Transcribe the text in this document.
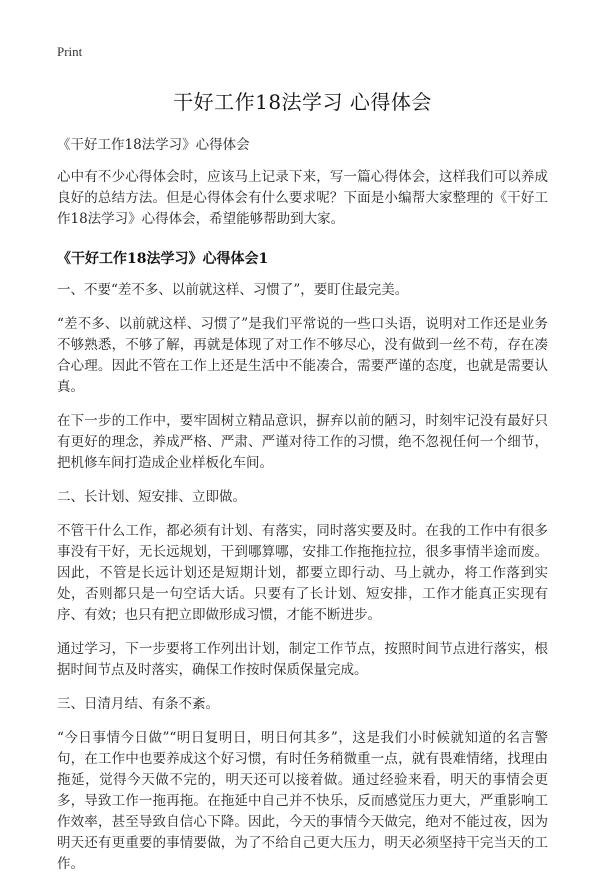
Print
干好工作18法学习 心得体会
《干好工作18法学习》心得体会

心中有不少心得体会时，应该马上记录下来，写一篇心得体会，这样我们可以养成良好的总结方法。但是心得体会有什么要求呢？下面是小编帮大家整理的《干好工作18法学习》心得体会，希望能够帮助到大家。

《干好工作18法学习》心得体会1

一、不要“差不多、以前就这样、习惯了”，要盯住最完美。

“差不多、以前就这样、习惯了”是我们平常说的一些口头语，说明对工作还是业务不够熟悉，不够了解，再就是体现了对工作不够尽心，没有做到一丝不苟，存在凑合心理。因此不管在工作上还是生活中不能凑合，需要严谨的态度，也就是需要认真。

在下一步的工作中，要牢固树立精品意识，摒弃以前的陋习，时刻牢记没有最好只有更好的理念，养成严格、严肃、严谨对待工作的习惯，绝不忽视任何一个细节，把机修车间打造成企业样板化车间。

二、长计划、短安排、立即做。

不管干什么工作，都必须有计划、有落实，同时落实要及时。在我的工作中有很多事没有干好，无长远规划，干到哪算哪，安排工作拖拖拉拉，很多事情半途而废。因此，不管是长远计划还是短期计划，都要立即行动、马上就办，将工作落到实处，否则都只是一句空话大话。只要有了长计划、短安排，工作才能真正实现有序、有效；也只有把立即做形成习惯，才能不断进步。

通过学习，下一步要将工作列出计划，制定工作节点，按照时间节点进行落实，根据时间节点及时落实，确保工作按时保质保量完成。

三、日清月结、有条不紊。

“今日事情今日做”“明日复明日，明日何其多”，这是我们小时候就知道的名言警句，在工作中也要养成这个好习惯，有时任务稍微重一点，就有畏难情绪，找理由拖延，觉得今天做不完的，明天还可以接着做。通过经验来看，明天的事情会更多，导致工作一拖再拖。在拖延中自己并不快乐，反而感觉压力更大，严重影响工作效率，甚至导致自信心下降。因此，今天的事情今天做完，绝对不能过夜，因为明天还有更重要的事情要做，为了不给自己更大压力，明天必须坚持干完当天的工作。
